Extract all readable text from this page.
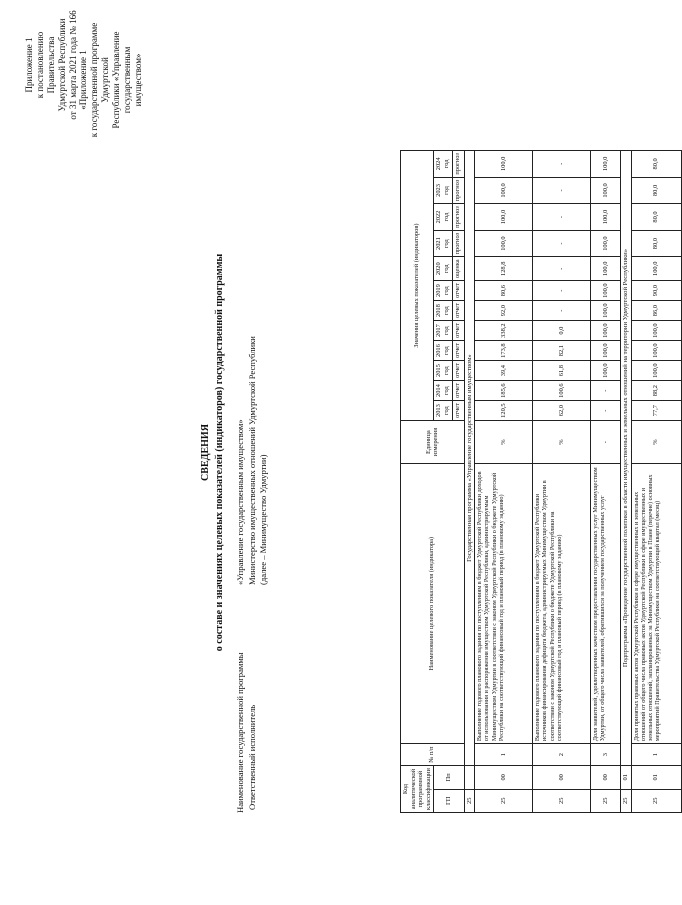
Приложение 1 к постановлению Правительства Удмуртской Республики от 31 марта 2021 года № 166 «Приложение 1 к государственной программе Удмуртской Республики «Управление государственным имуществом»
СВЕДЕНИЯ о составе и значениях целевых показателей (индикаторов) государственной программы
Наименование государственной программы Ответственный исполнитель
«Управление государственным имуществом» Министерство имущественных отношений Удмуртской Республики (далее – Минимущество Удмуртии)
Код аналитической программной классификации		№ п/п	Наименование целевого показателя (индикатора)	Единица измерения	Значения целевых показателей (индикаторов)											
ГП	Пп				2013 год	2014 год	2015 год	2016 год	2017 год	2018 год	2019 год	2020 год	2021 год	2022 год	2023 год	2024 год
					отчет	отчет	отчет	отчет	отчет	отчет	отчет	оценка	прогноз	прогноз	прогноз	прогноз
25		Государственная программа «Управление государственным имуществом»														
25	00	1	Выполнение годового планового задания по поступлениям в бюджет Удмуртской Республики доходов от использования и распоряжения имуществом Удмуртской Республики, администрируемым Минимуществом Удмуртии в соответствии с законом Удмуртской Республики о бюджете Удмуртской Республики на соответствующий финансовый год и плановый период (в плановому заданию)	%	120,5	185,6	39,4	173,8	338,2	92,0	80,6	128,8	100,0	100,0	100,0	100,0
25	00	2	Выполнение годового планового задания по поступлениям в бюджет Удмуртской Республики источников финансирования дефицита бюджета, администрируемых Минимуществом Удмуртии в соответствии с законом Удмуртской Республики о бюджете Удмуртской Республики на соответствующий финансовый год и плановый период (в плановому заданию)	%	62,0	100,6	61,8	82,1	0,0	-	-	-	-	-	-	-
25	00	3	Доля заявителей, удовлетворенных качеством предоставления государственных услуг Минимуществом Удмуртии, от общего числа заявителей, обратившихся за получением государственных услуг	-	-	-	100,0	100,0	100,0	100,0	100,0	100,0	100,0	100,0	100,0	100,0
25	01	Подпрограмма «Проведение государственной политики в области имущественных и земельных отношений на территории Удмуртской Республики»														
25	01	1	Доля принятых правовых актов Удмуртской Республики в сфере имущественных и земельных отношений от общего числа правовых актов Удмуртской Республики в сфере имущественных и земельных отношений, запланированных за Минимуществом Удмуртии в Плане (перечне) основных мероприятий Правительства Удмуртской Республики на соответствующий квартал (месяц)	%	77,7	88,2	100,0	100,0	100,0	86,0	90,0	100,0	80,0	80,0	80,0	80,0
